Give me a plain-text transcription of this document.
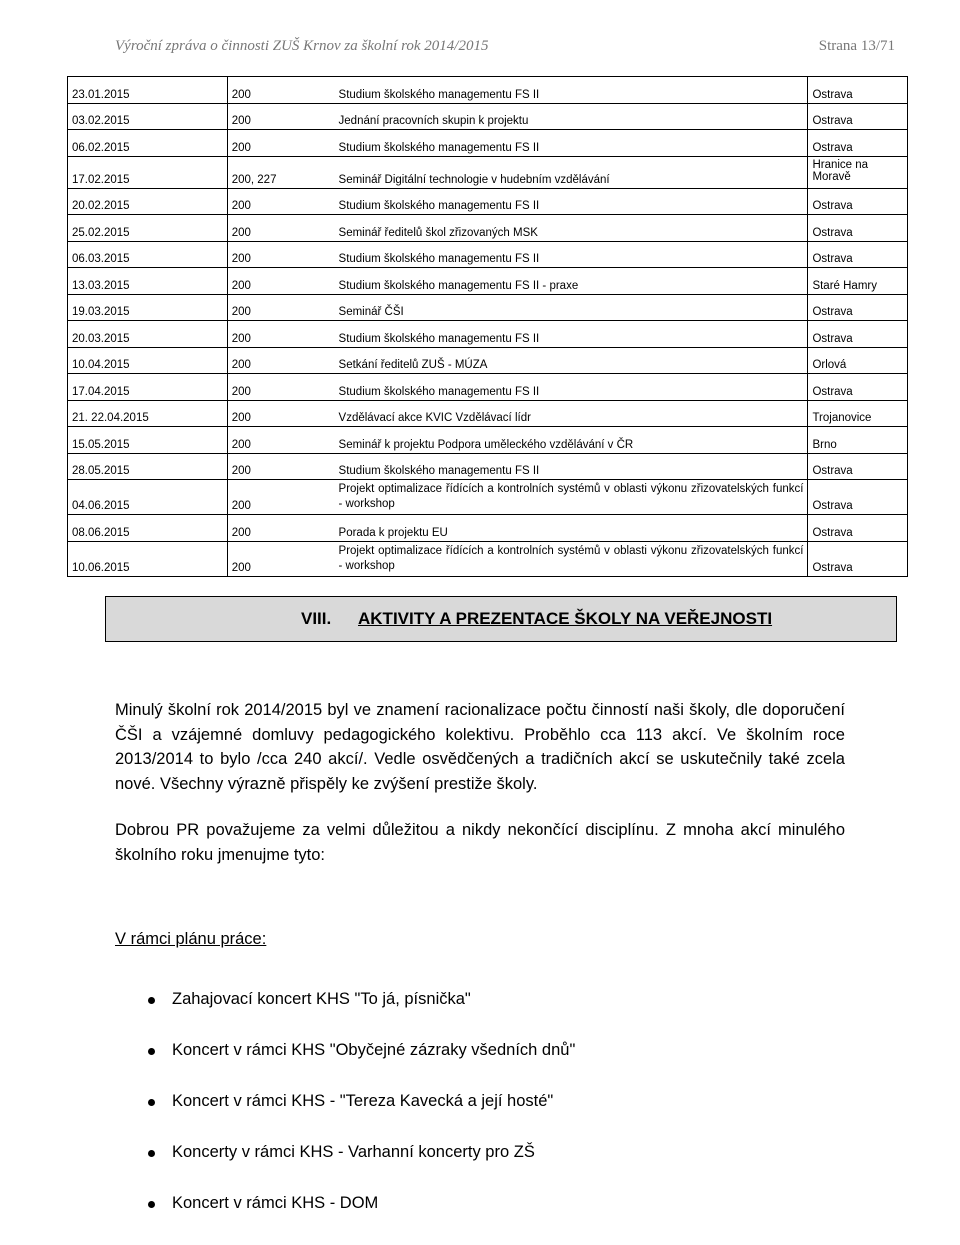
Výroční zpráva o činnosti ZUŠ Krnov za školní rok 2014/2015	Strana 13/71
23.01.2015	200	Studium školského managementu FS II	Ostrava
03.02.2015	200	Jednání pracovních skupin k projektu	Ostrava
06.02.2015	200	Studium školského managementu FS II	Ostrava
17.02.2015	200, 227	Seminář Digitální technologie v hudebním vzdělávání	Hranice na Moravě
20.02.2015	200	Studium školského managementu FS II	Ostrava
25.02.2015	200	Seminář ředitelů škol zřizovaných MSK	Ostrava
06.03.2015	200	Studium školského managementu FS II	Ostrava
13.03.2015	200	Studium školského managementu FS II - praxe	Staré Hamry
19.03.2015	200	Seminář ČŠI	Ostrava
20.03.2015	200	Studium školského managementu FS II	Ostrava
10.04.2015	200	Setkání ředitelů ZUŠ - MÚZA	Orlová
17.04.2015	200	Studium školského managementu FS II	Ostrava
21. 22.04.2015	200	Vzdělávací akce KVIC Vzdělávací lídr	Trojanovice
15.05.2015	200	Seminář k projektu Podpora uměleckého vzdělávání v ČR	Brno
28.05.2015	200	Studium školského managementu FS II	Ostrava
04.06.2015	200	Projekt optimalizace řídících a kontrolních systémů v oblasti výkonu zřizovatelských funkcí - workshop	Ostrava
08.06.2015	200	Porada k projektu EU	Ostrava
10.06.2015	200	Projekt optimalizace řídících a kontrolních systémů v oblasti výkonu zřizovatelských funkcí - workshop	Ostrava
VIII. AKTIVITY A PREZENTACE ŠKOLY NA VEŘEJNOSTI

Minulý školní rok 2014/2015 byl ve znamení racionalizace počtu činností naši školy, dle doporučení ČŠI a vzájemné domluvy pedagogického kolektivu. Proběhlo cca 113 akcí. Ve školním roce 2013/2014 to bylo /cca 240 akcí/. Vedle osvědčených a tradičních akcí se uskutečnily také zcela nové. Všechny výrazně přispěly ke zvýšení prestiže školy.

Dobrou PR považujeme za velmi důležitou a nikdy nekončící disciplínu. Z mnoha akcí minulého školního roku jmenujme tyto:

V rámci plánu práce:
Zahajovací koncert KHS "To já, písnička"
Koncert v rámci KHS "Obyčejné zázraky všedních dnů"
Koncert v rámci KHS - "Tereza Kavecká a její hosté"
Koncerty v rámci KHS - Varhanní koncerty pro ZŠ
Koncert v rámci KHS - DOM
